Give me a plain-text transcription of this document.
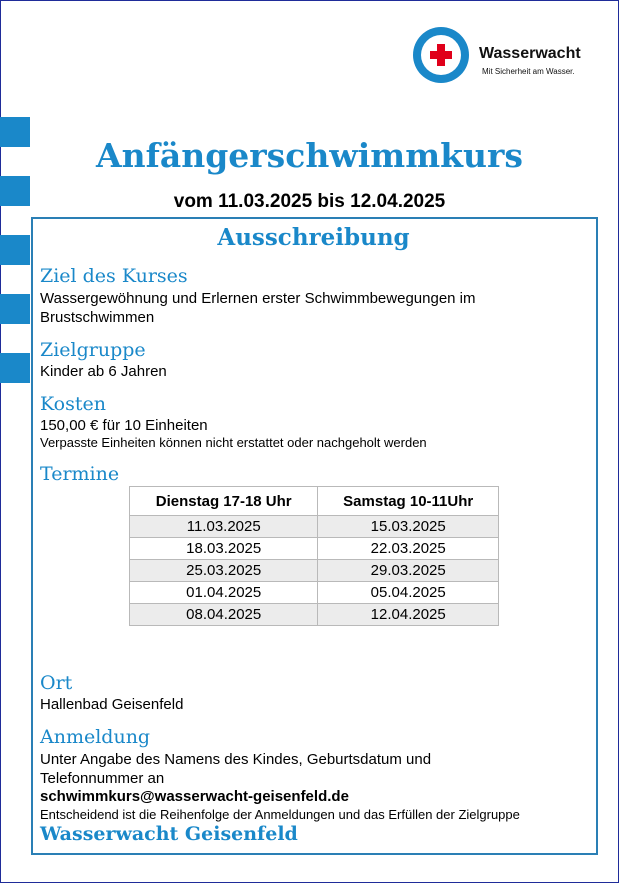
Wasserwacht
Mit Sicherheit am Wasser.
Anfängerschwimmkurs
vom 11.03.2025 bis 12.04.2025
Ausschreibung
Ziel des Kurses
Wassergewöhnung und Erlernen erster Schwimmbewegungen im
Brustschwimmen
Zielgruppe
Kinder ab 6 Jahren
Kosten
150,00 € für 10 Einheiten
Verpasste Einheiten können nicht erstattet oder nachgeholt werden
Termine
Dienstag 17-18 Uhr	Samstag 10-11Uhr
11.03.2025	15.03.2025
18.03.2025	22.03.2025
25.03.2025	29.03.2025
01.04.2025	05.04.2025
08.04.2025	12.04.2025
Ort
Hallenbad Geisenfeld
Anmeldung
Unter Angabe des Namens des Kindes, Geburtsdatum und
Telefonnummer an
schwimmkurs@wasserwacht-geisenfeld.de
Entscheidend ist die Reihenfolge der Anmeldungen und das Erfüllen der Zielgruppe
Wasserwacht Geisenfeld
